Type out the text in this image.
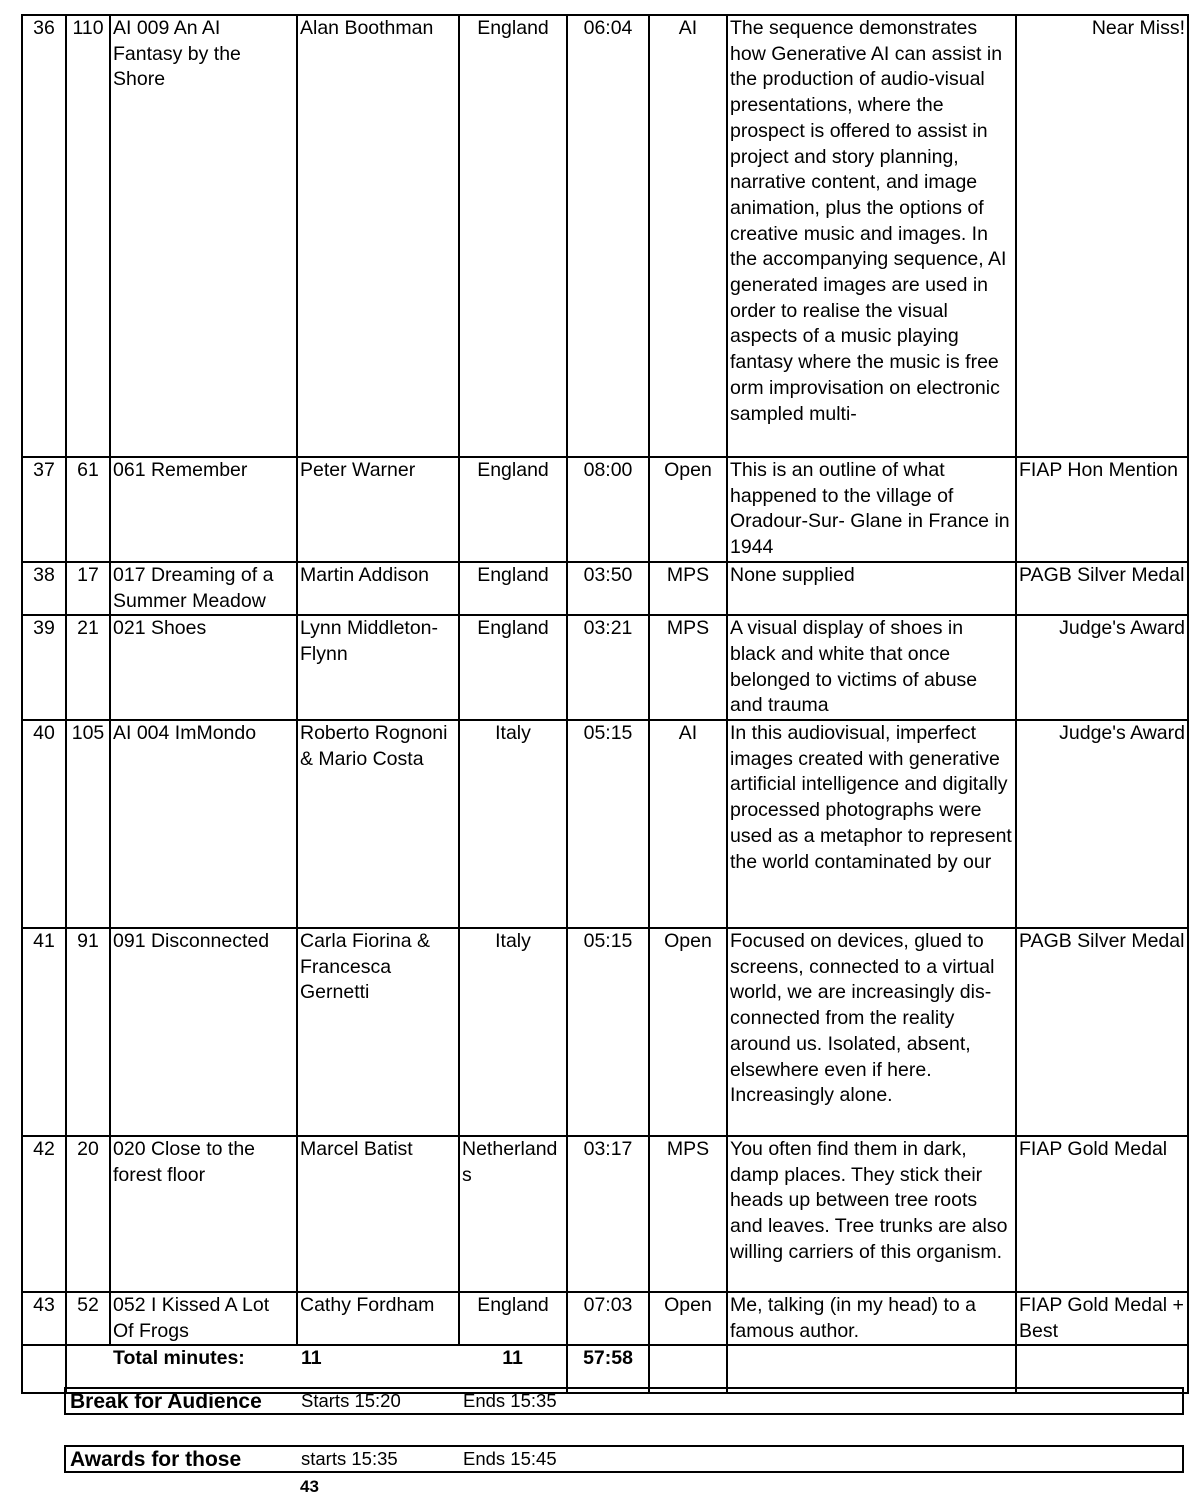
36	110	AI 009 An AI Fantasy by the Shore	Alan Boothman	England	06:04	AI	The sequence demonstrates how Generative AI can assist in the production of audio-visual presentations, where the prospect is offered to assist in project and story planning, narrative content, and image animation, plus the options of creative music and images. In the accompanying sequence, AI generated images are used in order to realise the visual aspects of a music playing fantasy where the music is free orm improvisation on electronic sampled multi-	Near Miss!
37	61	061 Remember	Peter Warner	England	08:00	Open	This is an outline of what happened to the village of Oradour-Sur- Glane in France in 1944	FIAP Hon Mention
38	17	017 Dreaming of a Summer Meadow	Martin Addison	England	03:50	MPS	None supplied	PAGB Silver Medal
39	21	021 Shoes	Lynn Middleton-Flynn	England	03:21	MPS	A visual display of shoes in black and white that once belonged to victims of abuse and trauma	Judge's Award
40	105	AI 004 ImMondo	Roberto Rognoni & Mario Costa	Italy	05:15	AI	In this audiovisual, imperfect images created with generative artificial intelligence and digitally processed photographs were used as a metaphor to represent the world contaminated by our	Judge's Award
41	91	091 Disconnected	Carla Fiorina & Francesca Gernetti	Italy	05:15	Open	Focused on devices, glued to screens, connected to a virtual world, we are increasingly dis-connected from the reality around us. Isolated, absent, elsewhere even if here. Increasingly alone.	PAGB Silver Medal
42	20	020 Close to the forest floor	Marcel Batist	Netherlands	03:17	MPS	You often find them in dark, damp places. They stick their heads up between tree roots and leaves. Tree trunks are also willing carriers of this organism.	FIAP Gold Medal
43	52	052 I Kissed A Lot Of Frogs	Cathy Fordham	England	07:03	Open	Me, talking (in my head) to a famous author.	FIAP Gold Medal + Best
	Total minutes:		11	11	57:58			
Break for Audience Starts 15:20	Ends 15:35
Awards for those	starts 15:35	Ends 15:45
43
